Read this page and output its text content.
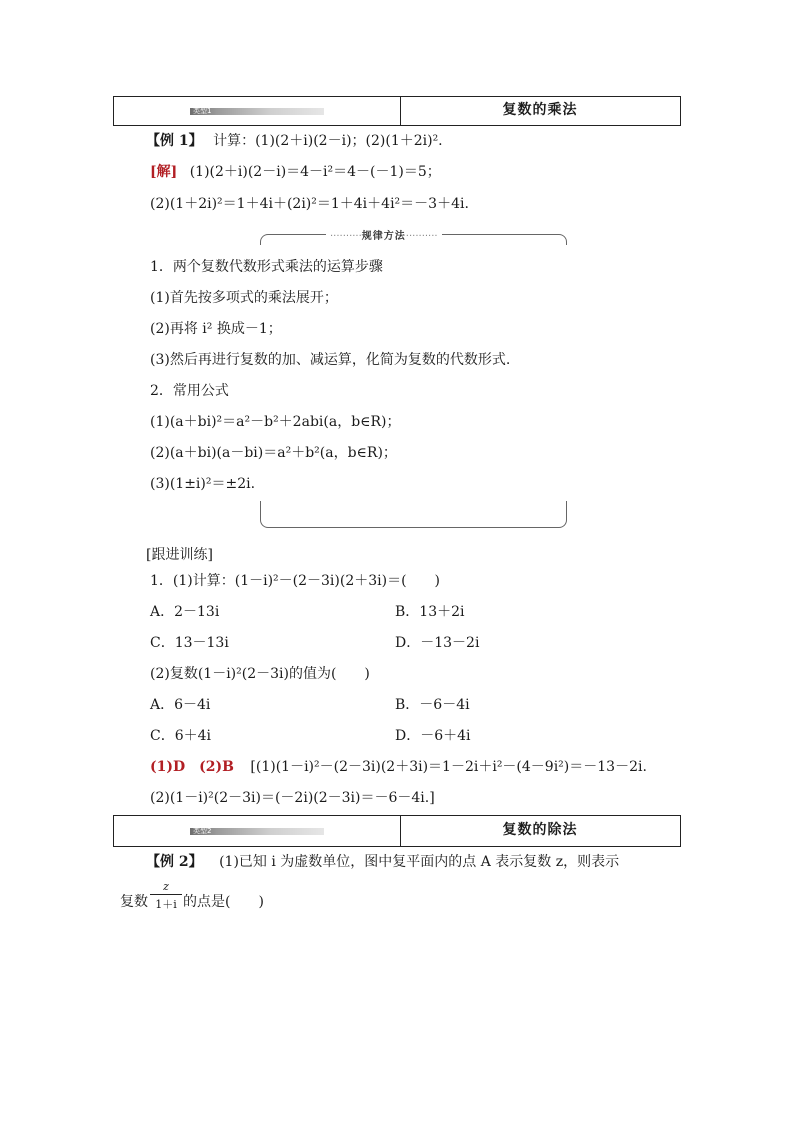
类型1	复数的乘法
【例 1】 计算：(1)(2＋i)(2－i)；(2)(1＋2i)².
[解] (1)(2＋i)(2－i)＝4－i²＝4－(－1)＝5；
(2)(1＋2i)²＝1＋4i＋(2i)²＝1＋4i＋4i²＝－3＋4i.
··········规律方法··········
1．两个复数代数形式乘法的运算步骤
(1)首先按多项式的乘法展开；
(2)再将 i² 换成－1；
(3)然后再进行复数的加、减运算，化简为复数的代数形式.
2．常用公式
(1)(a＋bi)²＝a²－b²＋2abi(a，b∈R)；
(2)(a＋bi)(a－bi)＝a²＋b²(a，b∈R)；
(3)(1±i)²＝±2i.
[跟进训练]
1．(1)计算：(1－i)²－(2－3i)(2＋3i)＝(　　)
A．2－13i	B．13＋2i
C．13－13i	D．－13－2i
(2)复数(1－i)²(2－3i)的值为(　　)
A．6－4i	B．－6－4i
C．6＋4i	D．－6＋4i
(1)D　(2)B [(1)(1－i)²－(2－3i)(2＋3i)＝1－2i＋i²－(4－9i²)＝－13－2i.
(2)(1－i)²(2－3i)＝(－2i)(2－3i)＝－6－4i.]
类型2	复数的除法
【例 2】 (1)已知 i 为虚数单位，图中复平面内的点 A 表示复数 z，则表示
复数
z
1＋i 的点是(　　)
